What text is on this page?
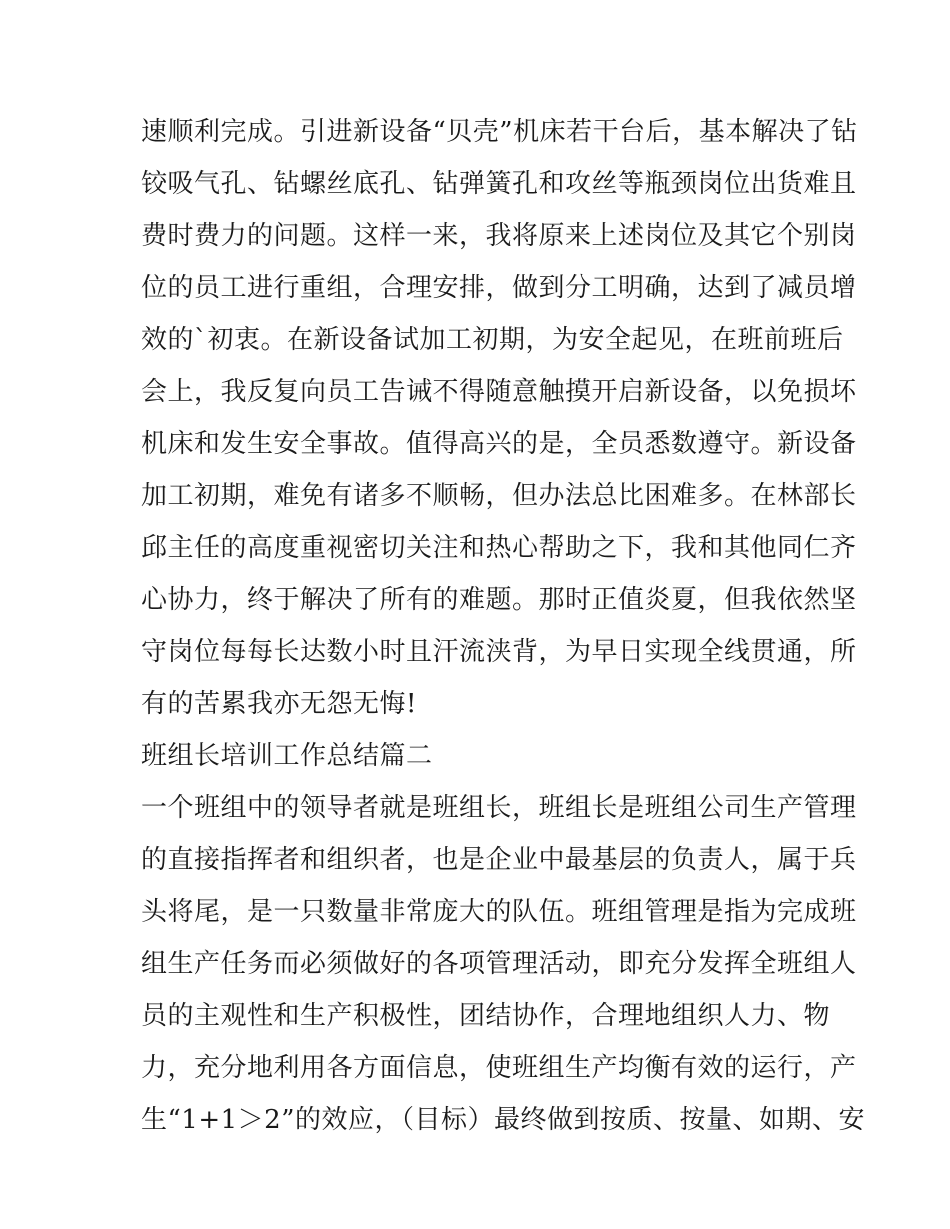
速顺利完成。引进新设备“贝壳”机床若干台后，基本解决了钻
铰吸气孔、钻螺丝底孔、钻弹簧孔和攻丝等瓶颈岗位出货难且
费时费力的问题。这样一来，我将原来上述岗位及其它个别岗
位的员工进行重组，合理安排，做到分工明确，达到了减员增
效的`初衷。在新设备试加工初期，为安全起见，在班前班后
会上，我反复向员工告诫不得随意触摸开启新设备，以免损坏
机床和发生安全事故。值得高兴的是，全员悉数遵守。新设备
加工初期，难免有诸多不顺畅，但办法总比困难多。在林部长
邱主任的高度重视密切关注和热心帮助之下，我和其他同仁齐
心协力，终于解决了所有的难题。那时正值炎夏，但我依然坚
守岗位每每长达数小时且汗流浃背，为早日实现全线贯通，所
有的苦累我亦无怨无悔!
班组长培训工作总结篇二
一个班组中的领导者就是班组长，班组长是班组公司生产管理
的直接指挥者和组织者，也是企业中最基层的负责人，属于兵
头将尾，是一只数量非常庞大的队伍。班组管理是指为完成班
组生产任务而必须做好的各项管理活动，即充分发挥全班组人
员的主观性和生产积极性，团结协作，合理地组织人力、物
力，充分地利用各方面信息，使班组生产均衡有效的运行，产
生“1+1＞2”的效应，（目标）最终做到按质、按量、如期、安
